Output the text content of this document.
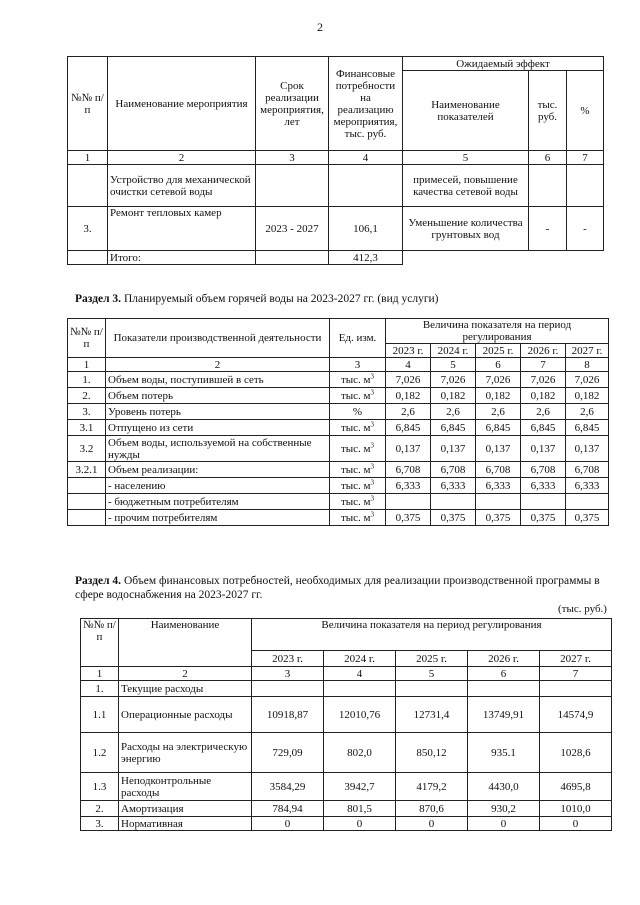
2
№№ п/п	Наименование мероприятия	Срок реализации мероприятия, лет	Финансовые потребности на реализацию мероприятия, тыс. руб.	Ожидаемый эффект		
				Наименование показателей	тыс. руб.	%
1	2	3	4	5	6	7
	Устройство для механической очистки сетевой воды			примесей, повышение качества сетевой воды		
3.	Ремонт тепловых камер	2023 - 2027	106,1	Уменьшение количества грунтовых вод	-	-
	Итого:		412,3			
Раздел 3. Планируемый объем горячей воды на 2023-2027 гг. (вид услуги)
№№ п/п	Показатели производственной деятельности	Ед. изм.	Величина показателя на период регулирования				
			2023 г.	2024 г.	2025 г.	2026 г.	2027 г.
1	2	3	4	5	6	7	8
1.	Объем воды, поступившей в сеть	тыс. $м^3$	7,026	7,026	7,026	7,026	7,026
2.	Объем потерь	тыс. $м^3$	0,182	0,182	0,182	0,182	0,182
3.	Уровень потерь	%	2,6	2,6	2,6	2,6	2,6
3.1	Отпущено из сети	тыс. $м^3$	6,845	6,845	6,845	6,845	6,845
3.2	Объем воды, используемой на собственные нужды	тыс. $м^3$	0,137	0,137	0,137	0,137	0,137
3.2.1	Объем реализации:	тыс. $м^3$	6,708	6,708	6,708	6,708	6,708
	- населению	тыс. $м^3$	6,333	6,333	6,333	6,333	6,333
	- бюджетным потребителям	тыс. $м^3$					
	- прочим потребителям	тыс. $м^3$	0,375	0,375	0,375	0,375	0,375
Раздел 4. Объем финансовых потребностей, необходимых для реализации производственной программы в сфере водоснабжения на 2023-2027 гг.
(тыс. руб.)
№№ п/п	Наименование	Величина показателя на период регулирования				
		2023 г.	2024 г.	2025 г.	2026 г.	2027 г.
1	2	3	4	5	6	7
1.	Текущие расходы					
1.1	Операционные расходы	10918,87	12010,76	12731,4	13749,91	14574,9
1.2	Расходы на электрическую энергию	729,09	802,0	850,12	935.1	1028,6
1.3	Неподконтрольные расходы	3584,29	3942,7	4179,2	4430,0	4695,8
2.	Амортизация	784,94	801,5	870,6	930,2	1010,0
3.	Нормативная	0	0	0	0	0
